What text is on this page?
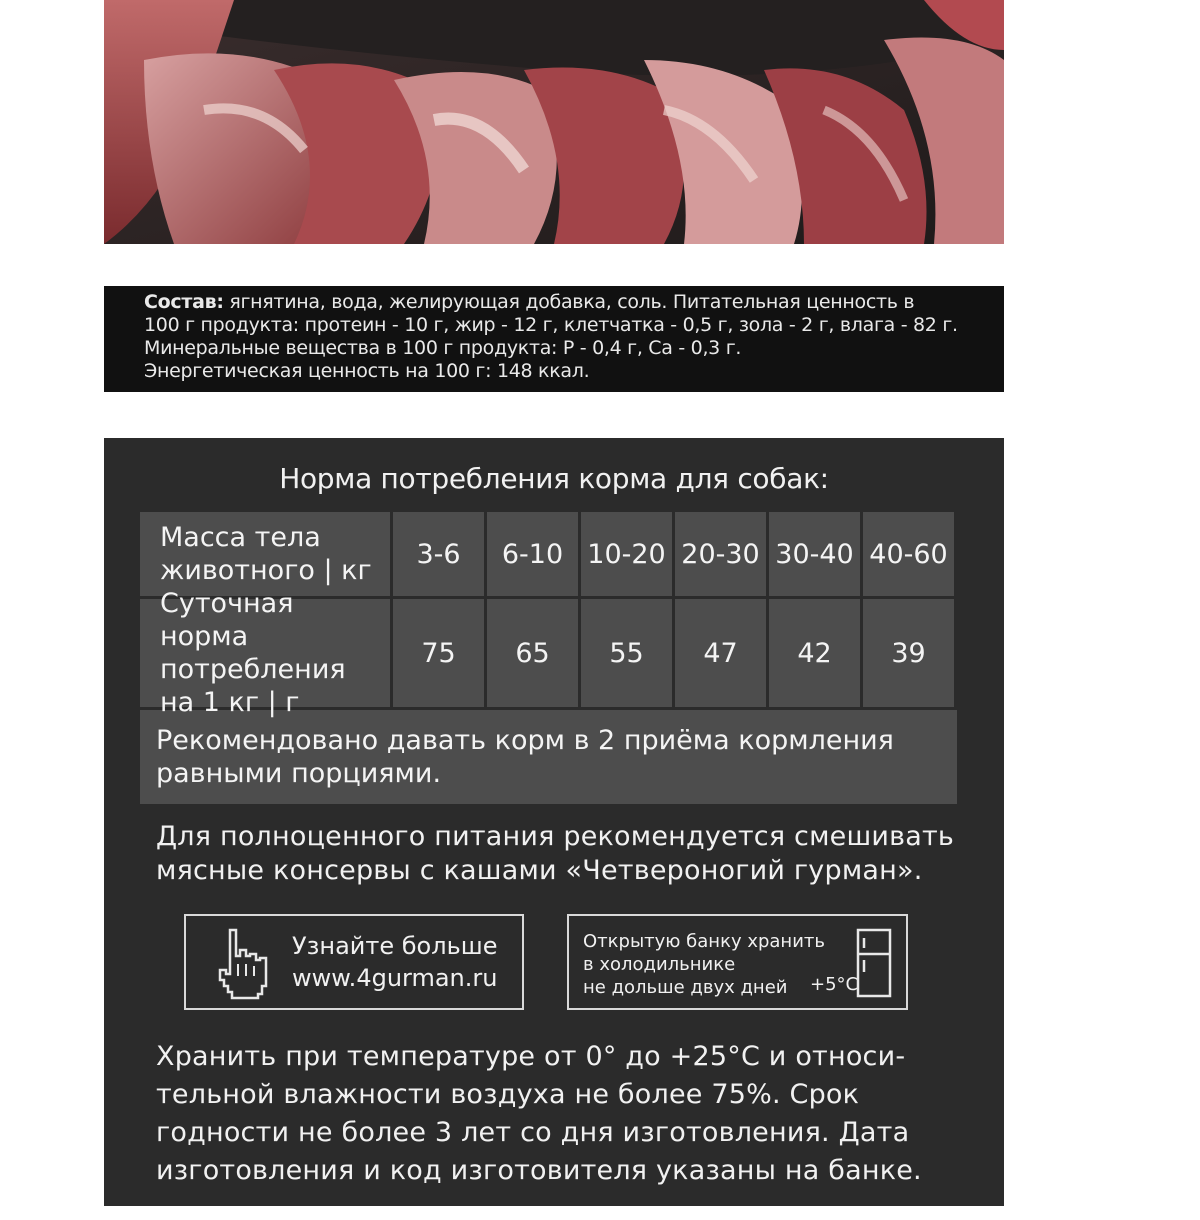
Состав: ягнятина, вода, желирующая добавка, соль. Питательная ценность в

100 г продукта: протеин - 10 г, жир - 12 г, клетчатка - 0,5 г, зола - 2 г, влага - 82 г.

Минеральные вещества в 100 г продукта: Р - 0,4 г, Са - 0,3 г.

Энергетическая ценность на 100 г: 148 ккал.

Норма потребления корма для собак:
Масса тела
животного | кг
3-6	6-10 10-20 20-30 30-40 40-60
Суточная норма
потребления
на 1 кг | г
75	65	55	47	42	39
Рекомендовано давать корм в 2 приёма кормления
равными порциями.
Для полноценного питания рекомендуется смешивать
мясные консервы с кашами «Четвероногий гурман».
Узнайте больше
www.4gurman.ru
Открытую банку хранить
в холодильнике
не дольше двух дней	+5°С
Хранить при температуре от 0° до +25°С и относи-
тельной влажности воздуха не более 75%. Срок
годности не более 3 лет со дня изготовления. Дата
изготовления и код изготовителя указаны на банке.
